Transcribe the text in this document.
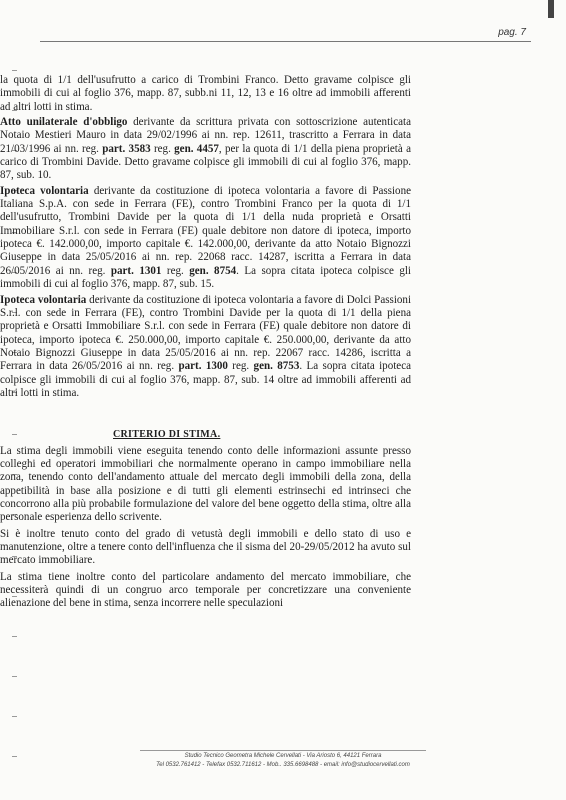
pag. 7

la quota di 1/1 dell'usufrutto a carico di Trombini Franco. Detto gravame colpisce gli immobili di cui al foglio 376, mapp. 87, subb.ni 11, 12, 13 e 16 oltre ad immobili afferenti ad altri lotti in stima.

Atto unilaterale d'obbligo derivante da scrittura privata con sottoscrizione autenticata Notaio Mestieri Mauro in data 29/02/1996 ai nn. rep. 12611, trascritto a Ferrara in data 21/03/1996 ai nn. reg. part. 3583 reg. gen. 4457, per la quota di 1/1 della piena proprietà a carico di Trombini Davide. Detto gravame colpisce gli immobili di cui al foglio 376, mapp. 87, sub. 10.

Ipoteca volontaria derivante da costituzione di ipoteca volontaria a favore di Passione Italiana S.p.A. con sede in Ferrara (FE), contro Trombini Franco per la quota di 1/1 dell'usufrutto, Trombini Davide per la quota di 1/1 della nuda proprietà e Orsatti Immobiliare S.r.l. con sede in Ferrara (FE) quale debitore non datore di ipoteca, importo ipoteca €. 142.000,00, importo capitale €. 142.000,00, derivante da atto Notaio Bignozzi Giuseppe in data 25/05/2016 ai nn. rep. 22068 racc. 14287, iscritta a Ferrara in data 26/05/2016 ai nn. reg. part. 1301 reg. gen. 8754. La sopra citata ipoteca colpisce gli immobili di cui al foglio 376, mapp. 87, sub. 15.

Ipoteca volontaria derivante da costituzione di ipoteca volontaria a favore di Dolci Passioni S.r.l. con sede in Ferrara (FE), contro Trombini Davide per la quota di 1/1 della piena proprietà e Orsatti Immobiliare S.r.l. con sede in Ferrara (FE) quale debitore non datore di ipoteca, importo ipoteca €. 250.000,00, importo capitale €. 250.000,00, derivante da atto Notaio Bignozzi Giuseppe in data 25/05/2016 ai nn. rep. 22067 racc. 14286, iscritta a Ferrara in data 26/05/2016 ai nn. reg. part. 1300 reg. gen. 8753. La sopra citata ipoteca colpisce gli immobili di cui al foglio 376, mapp. 87, sub. 14 oltre ad immobili afferenti ad altri lotti in stima.

CRITERIO DI STIMA.

La stima degli immobili viene eseguita tenendo conto delle informazioni assunte presso colleghi ed operatori immobiliari che normalmente operano in campo immobiliare nella zona, tenendo conto dell'andamento attuale del mercato degli immobili della zona, della appetibilità in base alla posizione e di tutti gli elementi estrinsechi ed intrinseci che concorrono alla più probabile formulazione del valore del bene oggetto della stima, oltre alla personale esperienza dello scrivente.

Si è inoltre tenuto conto del grado di vetustà degli immobili e dello stato di uso e manutenzione, oltre a tenere conto dell'influenza che il sisma del 20-29/05/2012 ha avuto sul mercato immobiliare.

La stima tiene inoltre conto del particolare andamento del mercato immobiliare, che necessiterà quindi di un congruo arco temporale per concretizzare una conveniente alienazione del bene in stima, senza incorrere nelle speculazioni

Studio Tecnico Geometra Michele Cervellati - Via Ariosto 6, 44121 Ferrara
Tel 0532.761412 - Telefax 0532.711612 - Mob.. 335.6698488 - email: info@studiocervellati.com
